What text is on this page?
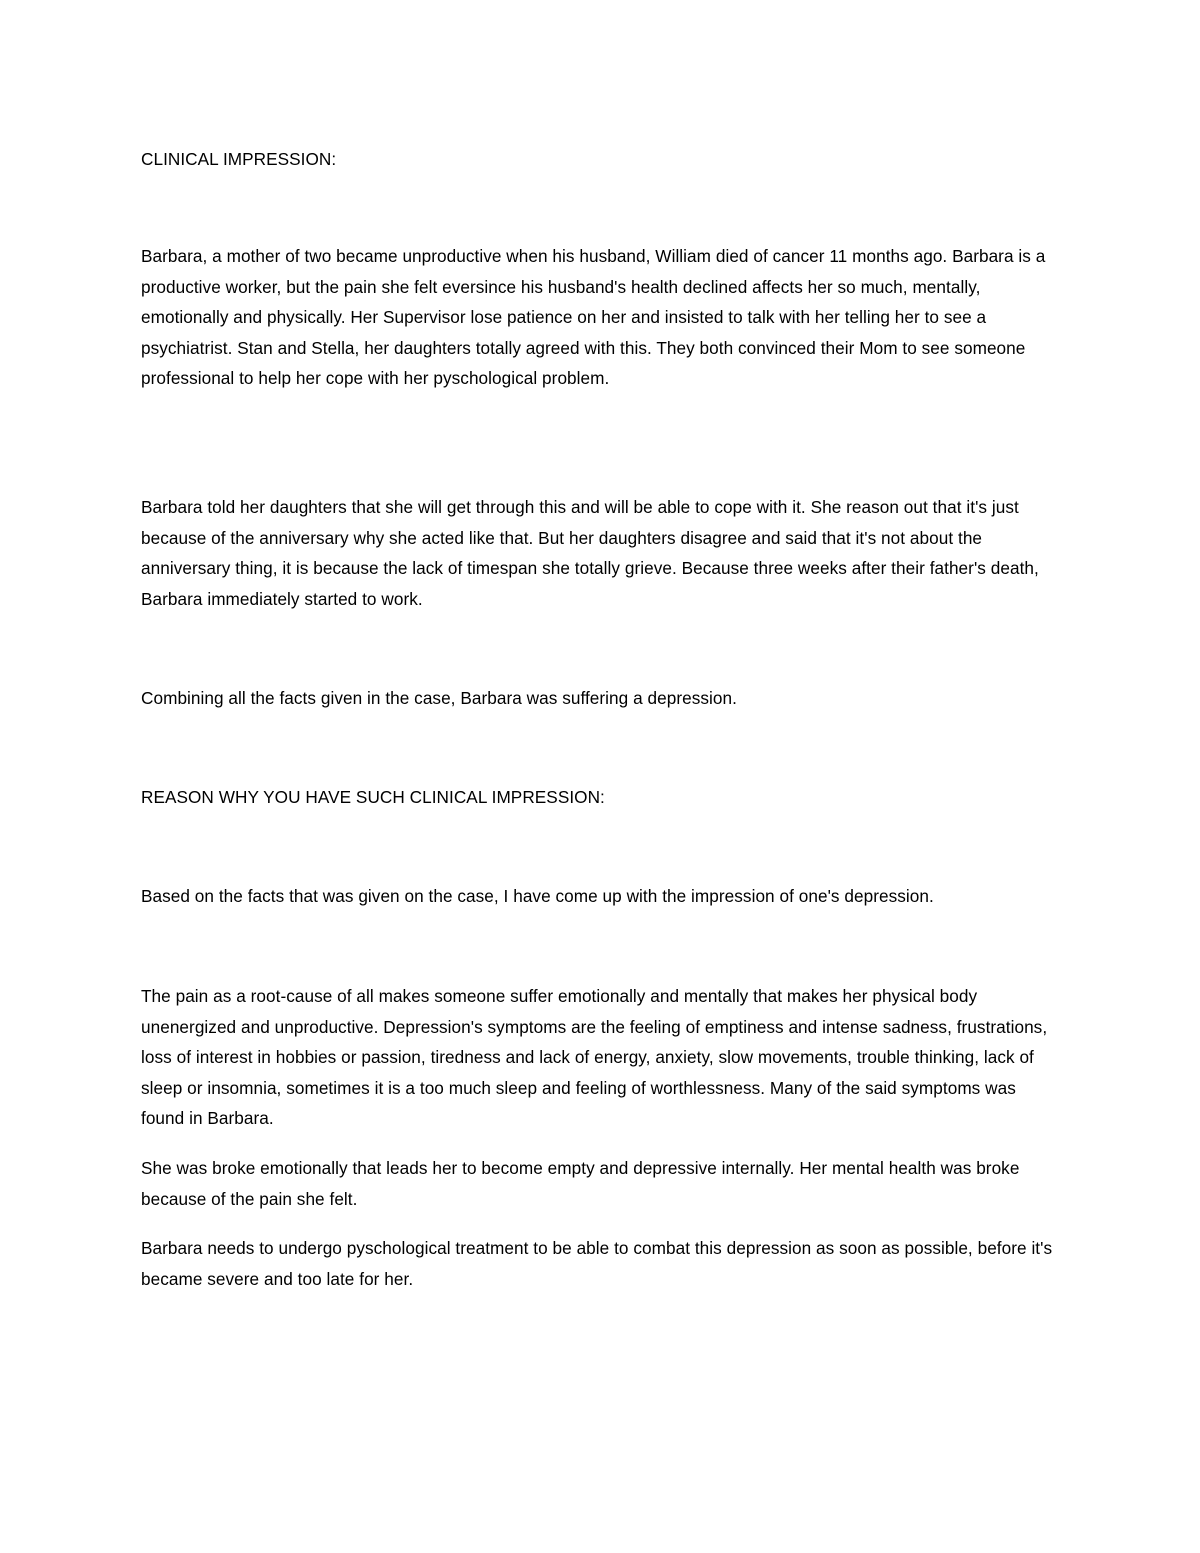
CLINICAL IMPRESSION:

Barbara, a mother of two became unproductive when his husband, William died of cancer 11 months ago. Barbara is a productive worker, but the pain she felt eversince his husband's health declined affects her so much, mentally, emotionally and physically. Her Supervisor lose patience on her and insisted to talk with her telling her to see a psychiatrist. Stan and Stella, her daughters totally agreed with this. They both convinced their Mom to see someone professional to help her cope with her pyschological problem.

Barbara told her daughters that she will get through this and will be able to cope with it. She reason out that it's just because of the anniversary why she acted like that. But her daughters disagree and said that it's not about the anniversary thing, it is because the lack of timespan she totally grieve. Because three weeks after their father's death, Barbara immediately started to work.

Combining all the facts given in the case, Barbara was suffering a depression.

REASON WHY YOU HAVE SUCH CLINICAL IMPRESSION:

Based on the facts that was given on the case, I have come up with the impression of one's depression.

The pain as a root-cause of all makes someone suffer emotionally and mentally that makes her physical body unenergized and unproductive. Depression's symptoms are the feeling of emptiness and intense sadness, frustrations, loss of interest in hobbies or passion, tiredness and lack of energy, anxiety, slow movements, trouble thinking, lack of sleep or insomnia, sometimes it is a too much sleep and feeling of worthlessness. Many of the said symptoms was found in Barbara.

She was broke emotionally that leads her to become empty and depressive internally. Her mental health was broke because of the pain she felt.

Barbara needs to undergo pyschological treatment to be able to combat this depression as soon as possible, before it's became severe and too late for her.
